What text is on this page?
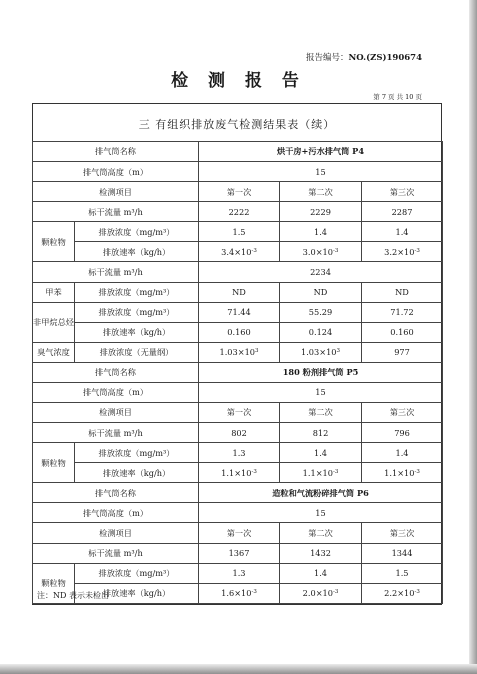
报告编号：NO.(ZS)190674
检 测 报 告
第 7 页 共 10 页
三 有组织排放废气检测结果表（续）
排气筒名称		烘干房+污水排气筒 P4		
排气筒高度（m）		15		
检测项目		第一次	第二次	第三次
标干流量 m³/h		2222	2229	2287
颗粒物	排放浓度（mg/m³）	1.5	1.4	1.4
	排放速率（kg/h）	$3.4\times 10^{-3}$	$3.0\times 10^{-3}$	$3.2\times 10^{-3}$
标干流量 m³/h		2234		
甲苯	排放浓度（mg/m³）	ND	ND	ND
非甲烷总烃	排放浓度（mg/m³）	71.44	55.29	71.72
	排放速率（kg/h）	0.160	0.124	0.160
臭气浓度	排放浓度（无量纲）	$1.03\times 10^3$	$1.03\times 10^3$	977
排气筒名称		180 粉剂排气筒 P5		
排气筒高度（m）		15		
检测项目		第一次	第二次	第三次
标干流量 m³/h		802	812	796
颗粒物	排放浓度（mg/m³）	1.3	1.4	1.4
	排放速率（kg/h）	$1.1\times 10^{-3}$	$1.1\times 10^{-3}$	$1.1\times 10^{-3}$
排气筒名称		造粒和气流粉碎排气筒 P6		
排气筒高度（m）		15		
检测项目		第一次	第二次	第三次
标干流量 m³/h		1367	1432	1344
颗粒物	排放浓度（mg/m³）	1.3	1.4	1.5
	排放速率（kg/h）	$1.6\times 10^{-3}$	$2.0\times 10^{-3}$	$2.2\times 10^{-3}$
注：ND 表示未检出
